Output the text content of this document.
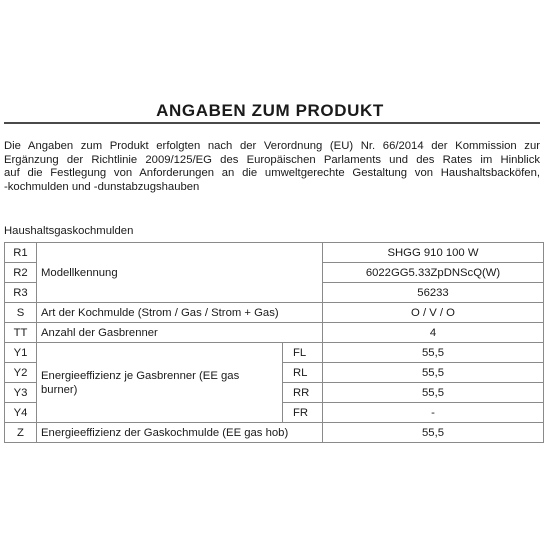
ANGABEN ZUM PRODUKT
Die Angaben zum Produkt erfolgten nach der Verordnung (EU) Nr. 66/2014 der Kommission zur
Ergänzung der Richtlinie 2009/125/EG des Europäischen Parlaments und des Rates im Hinblick
auf die Festlegung von Anforderungen an die umweltgerechte Gestaltung von Haushaltsbacköfen,
-kochmulden und -dunstabzugshauben
Haushaltsgaskochmulden
R1	Modellkennung		SHGG 910 100 W
R2			6022GG5.33ZpDNScQ(W)
R3			56233
S	Art der Kochmulde (Strom / Gas / Strom + Gas)		O / V / O
TT	Anzahl der Gasbrenner		4
Y1	Energieeffizienz je Gasbrenner (EE gas burner)	FL	55,5
Y2		RL	55,5
Y3		RR	55,5
Y4		FR	-
Z	Energieeffizienz der Gaskochmulde (EE gas hob)		55,5
